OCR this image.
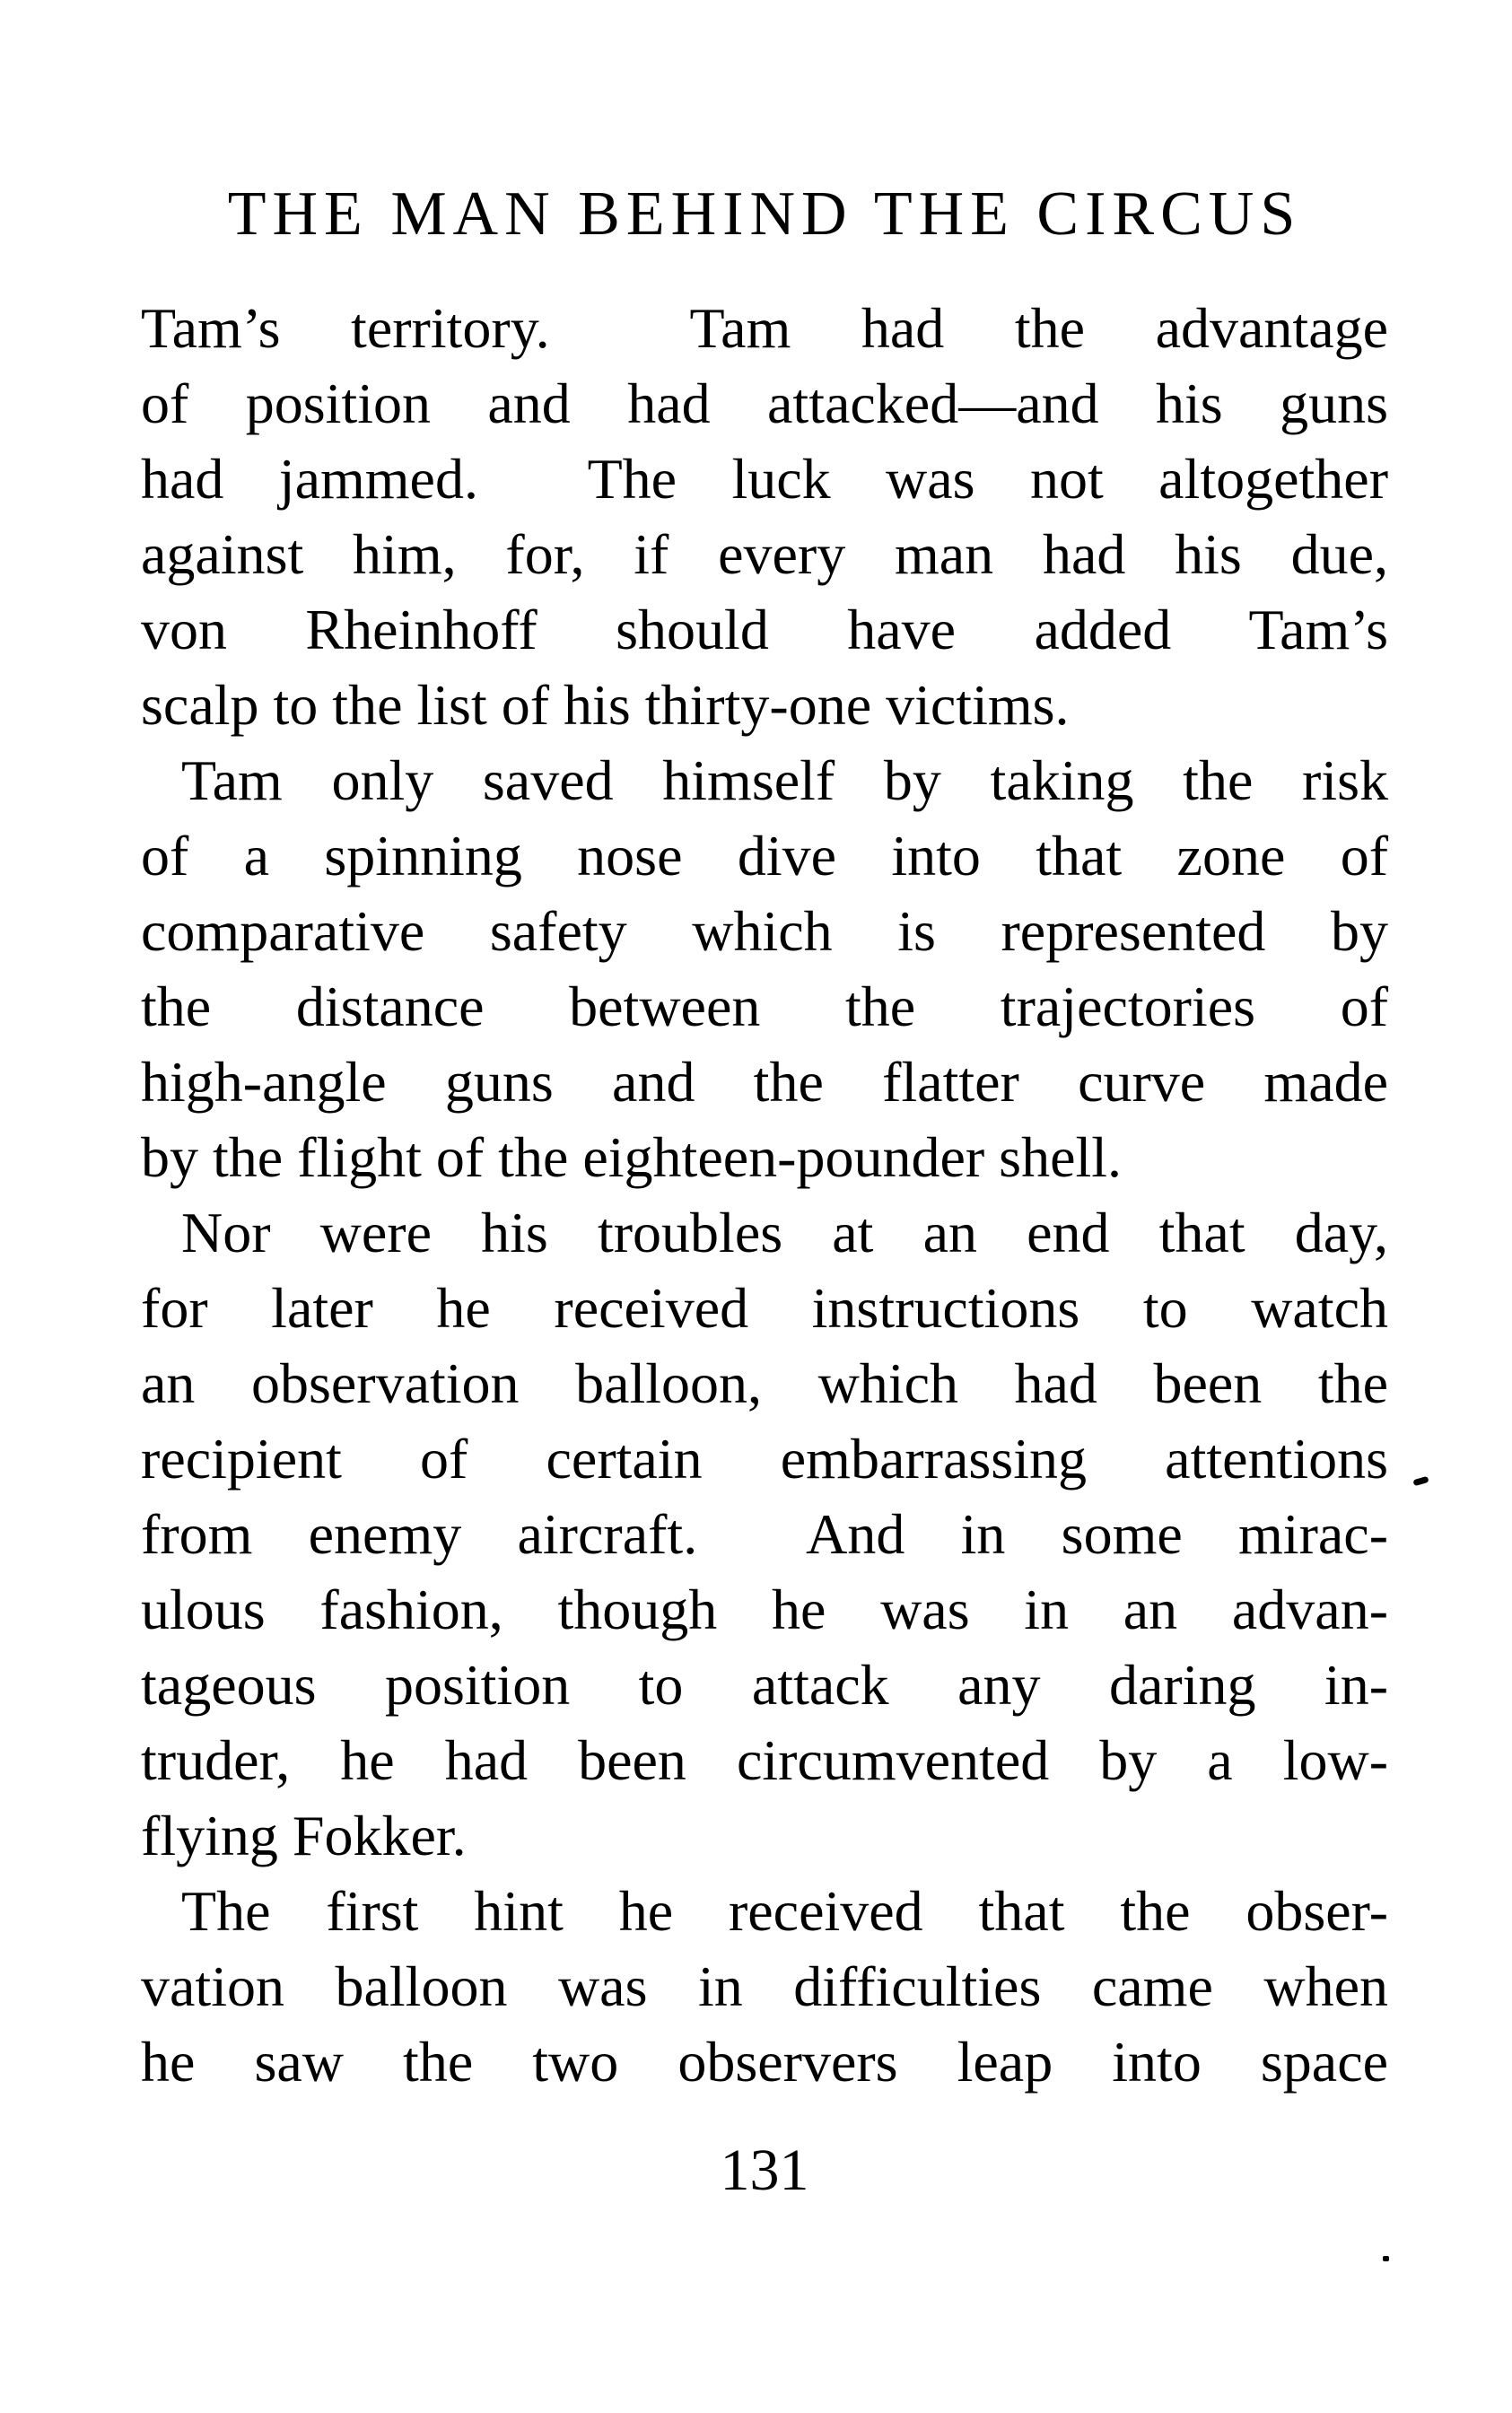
THE MAN BEHIND THE CIRCUS
Tam’s territory.  Tam had the advantage
of position and had attacked—and his guns
had jammed.  The luck was not altogether
against him, for, if every man had his due,
von Rheinhoff should have added Tam’s
scalp to the list of his thirty-one victims.
Tam only saved himself by taking the risk
of a spinning nose dive into that zone of
comparative safety which is represented by
the distance between the trajectories of
high-angle guns and the flatter curve made
by the flight of the eighteen-pounder shell.
Nor were his troubles at an end that day,
for later he received instructions to watch
an observation balloon, which had been the
recipient of certain embarrassing attentions
from enemy aircraft.  And in some mirac-
ulous fashion, though he was in an advan-
tageous position to attack any daring in-
truder, he had been circumvented by a low-
flying Fokker.
The first hint he received that the obser-
vation balloon was in difficulties came when
he saw the two observers leap into space
131
